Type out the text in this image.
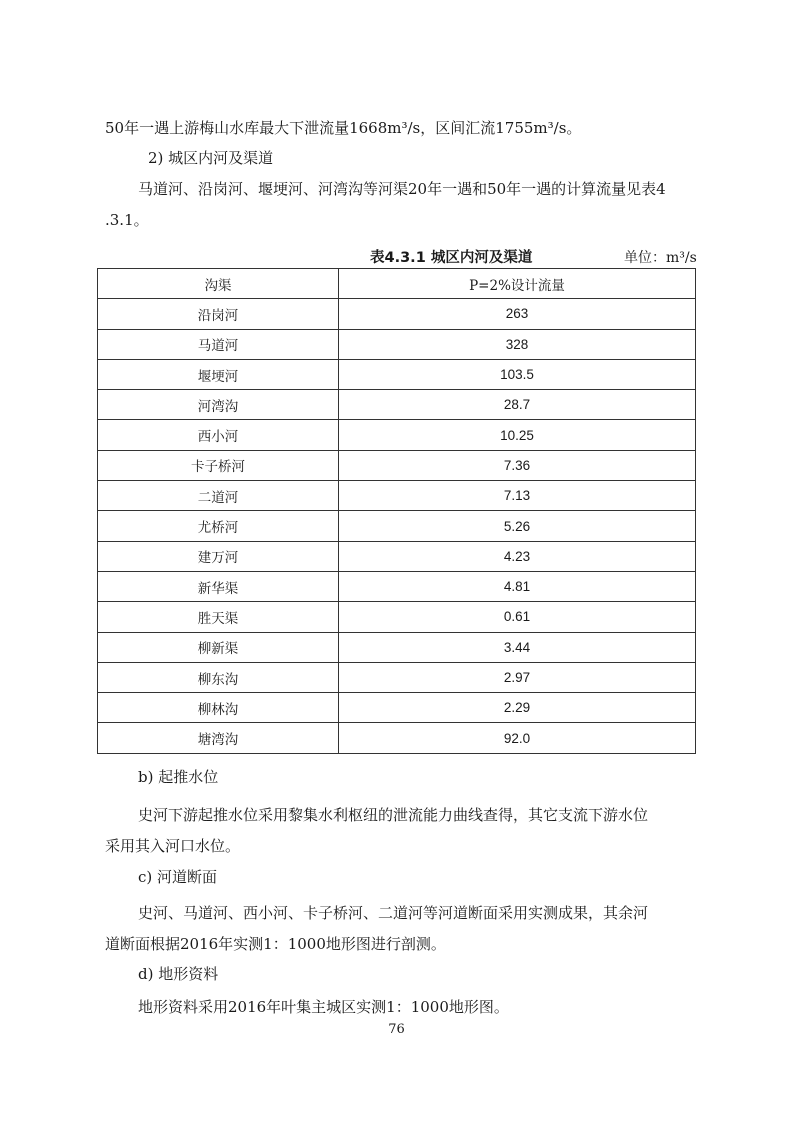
50年一遇上游梅山水库最大下泄流量1668m³/s，区间汇流1755m³/s。
2) 城区内河及渠道
马道河、沿岗河、堰埂河、河湾沟等河渠20年一遇和50年一遇的计算流量见表4
.3.1。
表4.3.1 城区内河及渠道	单位：m³/s
沟渠	P=2%设计流量
沿岗河	263
马道河	328
堰埂河	103.5
河湾沟	28.7
西小河	10.25
卡子桥河	7.36
二道河	7.13
尤桥河	5.26
建万河	4.23
新华渠	4.81
胜天渠	0.61
柳新渠	3.44
柳东沟	2.97
柳林沟	2.29
塘湾沟	92.0
b) 起推水位
史河下游起推水位采用黎集水利枢纽的泄流能力曲线查得，其它支流下游水位
采用其入河口水位。
c) 河道断面
史河、马道河、西小河、卡子桥河、二道河等河道断面采用实测成果，其余河
道断面根据2016年实测1：1000地形图进行剖测。
d) 地形资料
地形资料采用2016年叶集主城区实测1：1000地形图。
76
